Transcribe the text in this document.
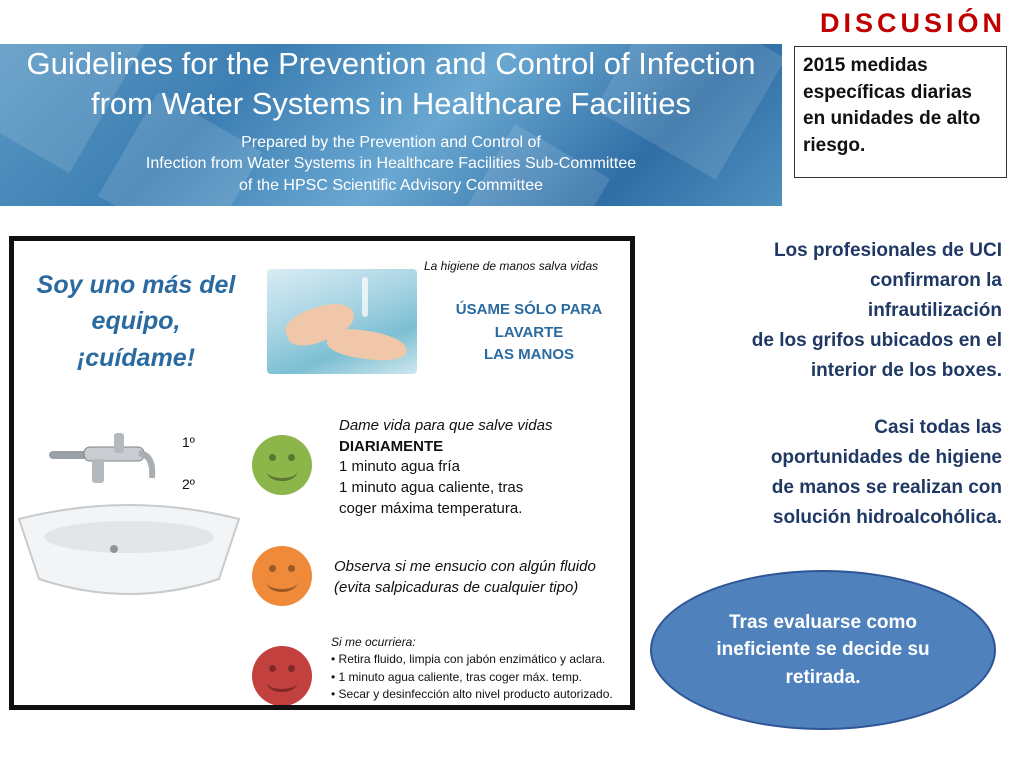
DISCUSIÓN
Guidelines for the Prevention and Control of Infection
from Water Systems in Healthcare Facilities
Prepared by the Prevention and Control of
Infection from Water Systems in Healthcare Facilities Sub-Committee
of the HPSC Scientific Advisory Committee
2015 medidas específicas diarias en unidades de alto riesgo.
Soy uno más del
equipo,
¡cuídame!
La higiene de manos salva vidas
ÚSAME SÓLO PARA
LAVARTE
LAS MANOS
1º
2º
Dame vida para que salve vidas
DIARIAMENTE
1 minuto agua fría
1 minuto agua caliente, tras
coger máxima temperatura.
Observa si me ensucio con algún fluido
(evita salpicaduras de cualquier tipo)
Si me ocurriera:
• Retira fluido, limpia con jabón enzimático y aclara.
• 1 minuto agua caliente, tras coger máx. temp.
• Secar y desinfección alto nivel producto autorizado.

Los profesionales de UCI

confirmaron la

infrautilización

de los grifos ubicados en el

interior de los boxes.

Casi todas las

oportunidades de higiene

de manos se realizan con

solución hidroalcohólica.

Tras evaluarse como ineficiente se decide su retirada.
